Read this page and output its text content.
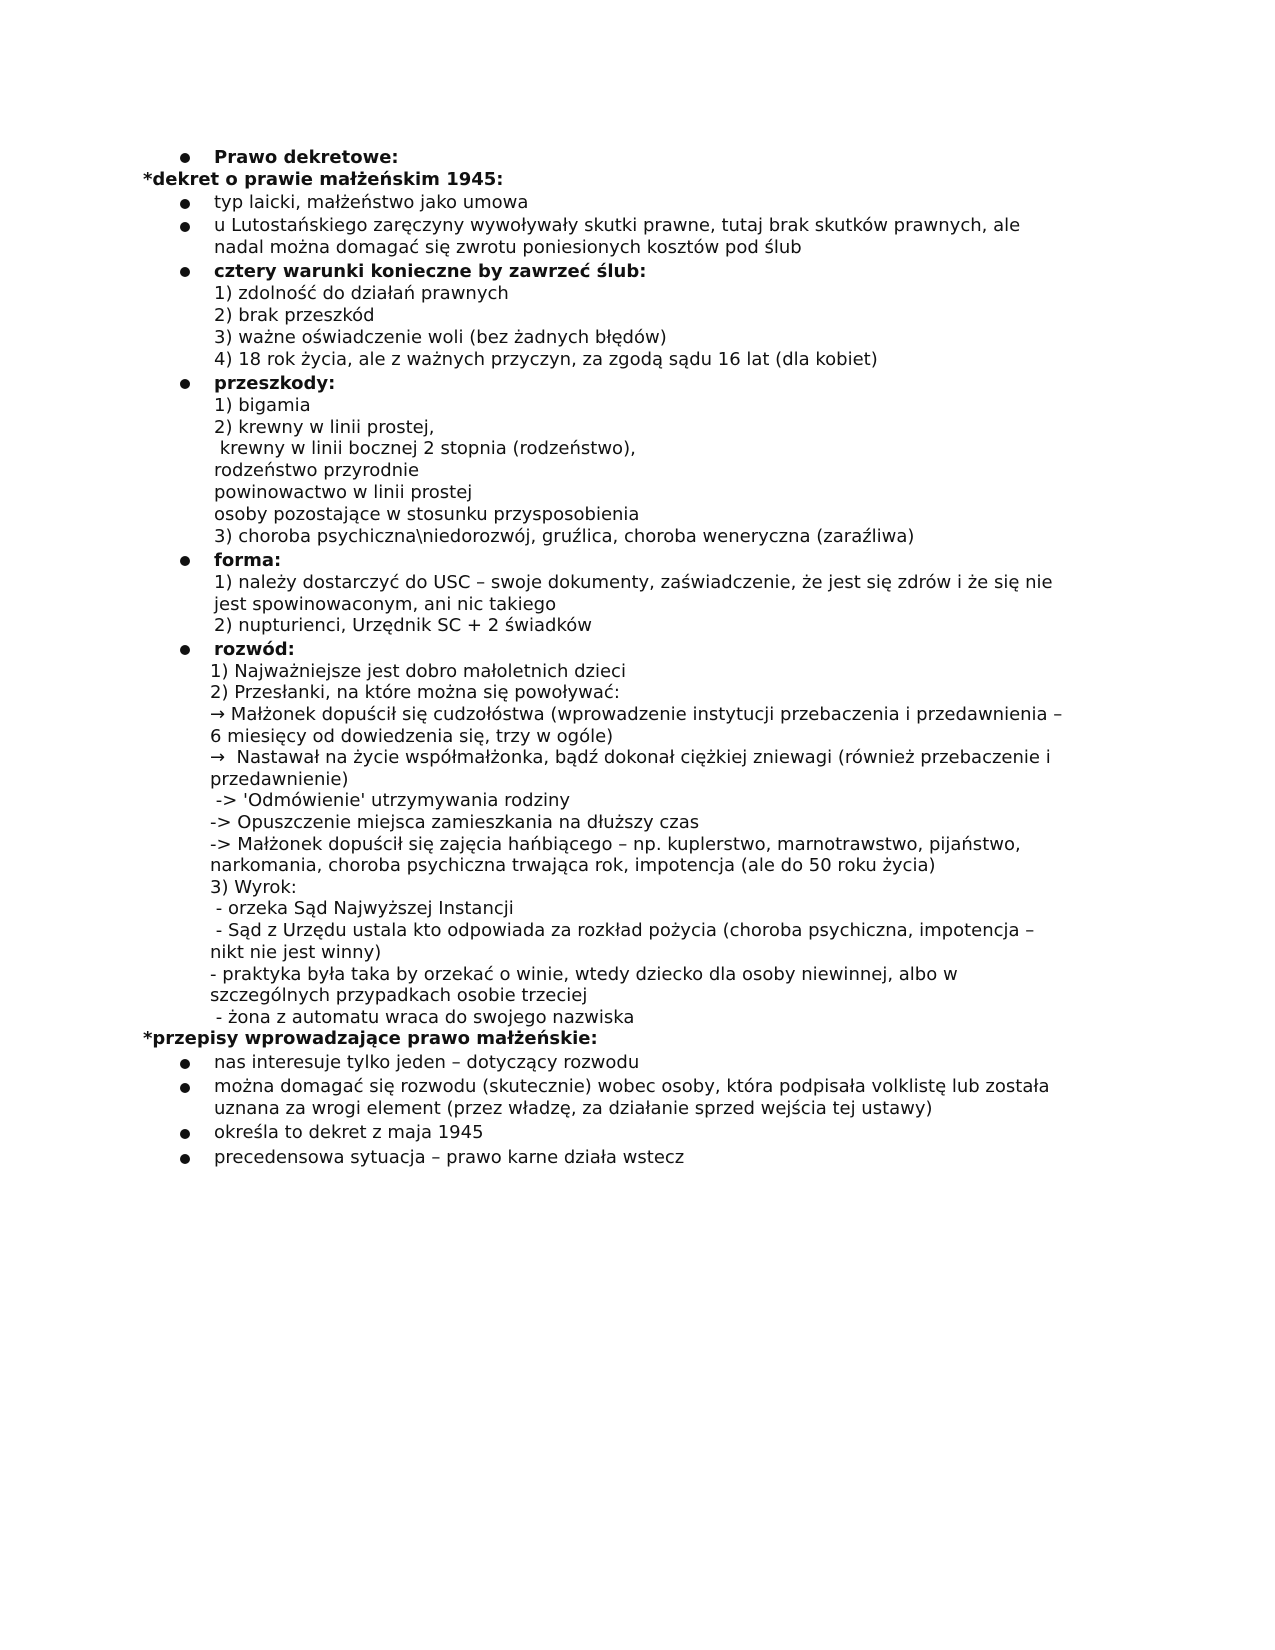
Prawo dekretowe:
*dekret o prawie małżeńskim 1945:
typ laicki, małżeństwo jako umowa
u Lutostańskiego zaręczyny wywoływały skutki prawne, tutaj brak skutków prawnych, ale
nadal można domagać się zwrotu poniesionych kosztów pod ślub
cztery warunki konieczne by zawrzeć ślub:
1) zdolność do działań prawnych
2) brak przeszkód
3) ważne oświadczenie woli (bez żadnych błędów)
4) 18 rok życia, ale z ważnych przyczyn, za zgodą sądu 16 lat (dla kobiet)
przeszkody:
1) bigamia
2) krewny w linii prostej,
krewny w linii bocznej 2 stopnia (rodzeństwo),
rodzeństwo przyrodnie
powinowactwo w linii prostej
osoby pozostające w stosunku przysposobienia
3) choroba psychiczna\niedorozwój, gruźlica, choroba weneryczna (zaraźliwa)
forma:
1) należy dostarczyć do USC – swoje dokumenty, zaświadczenie, że jest się zdrów i że się nie
jest spowinowaconym, ani nic takiego
2) nupturienci, Urzędnik SC + 2 świadków
rozwód:
1) Najważniejsze jest dobro małoletnich dzieci
2) Przesłanki, na które można się powoływać:
→ Małżonek dopuścił się cudzołóstwa (wprowadzenie instytucji przebaczenia i przedawnienia –
6 miesięcy od dowiedzenia się, trzy w ogóle)
→  Nastawał na życie współmałżonka, bądź dokonał ciężkiej zniewagi (również przebaczenie i
przedawnienie)
-> 'Odmówienie' utrzymywania rodziny
-> Opuszczenie miejsca zamieszkania na dłuższy czas
-> Małżonek dopuścił się zajęcia hańbiącego – np. kuplerstwo, marnotrawstwo, pijaństwo,
narkomania, choroba psychiczna trwająca rok, impotencja (ale do 50 roku życia)
3) Wyrok:
- orzeka Sąd Najwyższej Instancji
- Sąd z Urzędu ustala kto odpowiada za rozkład pożycia (choroba psychiczna, impotencja –
nikt nie jest winny)
- praktyka była taka by orzekać o winie, wtedy dziecko dla osoby niewinnej, albo w
szczególnych przypadkach osobie trzeciej
- żona z automatu wraca do swojego nazwiska
*przepisy wprowadzające prawo małżeńskie:
nas interesuje tylko jeden – dotyczący rozwodu
można domagać się rozwodu (skutecznie) wobec osoby, która podpisała volklistę lub została
uznana za wrogi element (przez władzę, za działanie sprzed wejścia tej ustawy)
określa to dekret z maja 1945
precedensowa sytuacja – prawo karne działa wstecz
